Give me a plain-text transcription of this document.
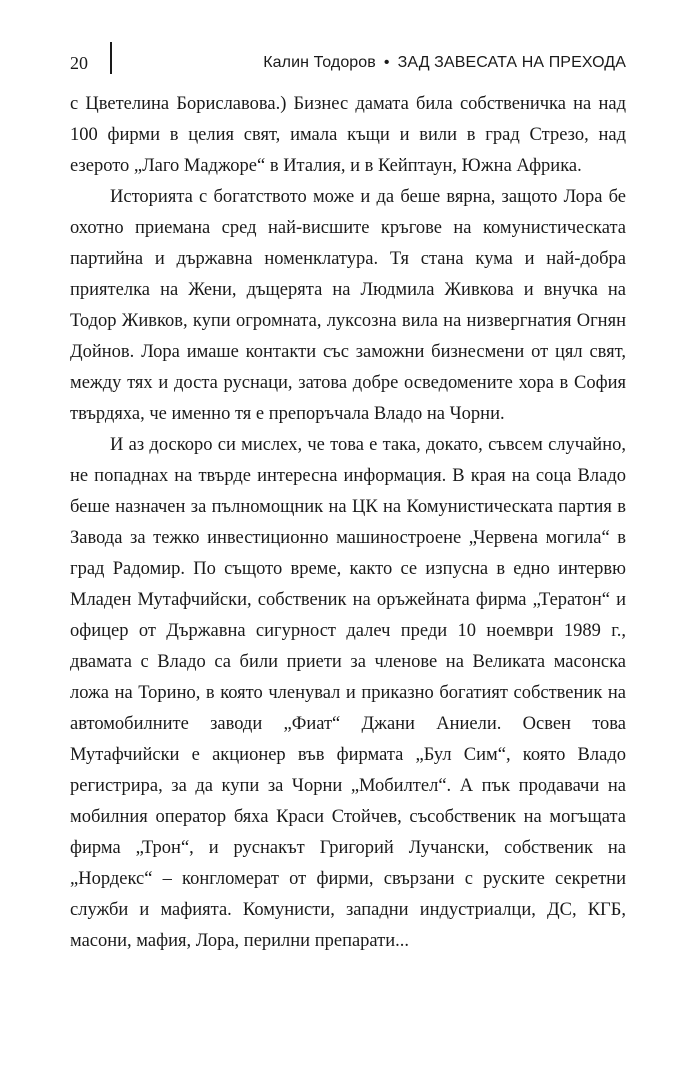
20	Калин Тодоров • ЗАД ЗАВЕСАТА НА ПРЕХОДА

с Цветелина Бориславова.) Бизнес дамата била собственичка на над 100 фирми в целия свят, имала къщи и вили в град Стрезо, над езерото „Лаго Маджоре“ в Италия, и в Кейптаун, Южна Африка.

Историята с богатството може и да беше вярна, защото Лора бе охотно приемана сред най-висшите кръгове на комунистическата партийна и държавна номенклатура. Тя стана кума и най-добра приятелка на Жени, дъщерята на Людмила Живкова и внучка на Тодор Живков, купи огромната, луксозна вила на низвергнатия Огнян Дойнов. Лора имаше контакти със заможни бизнесмени от цял свят, между тях и доста руснаци, затова добре осведомените хора в София твърдяха, че именно тя е препоръчала Владо на Чорни.

И аз доскоро си мислех, че това е така, докато, съвсем случайно, не попаднах на твърде интересна информация. В края на соца Владо беше назначен за пълномощник на ЦК на Комунистическата партия в Завода за тежко инвестиционно машиностроене „Червена могила“ в град Радомир. По същото време, както се изпусна в едно интервю Младен Мутафчийски, собственик на оръжейната фирма „Тератон“ и офицер от Държавна сигурност далеч преди 10 ноември 1989 г., двамата с Владо са били приети за членове на Великата масонска ложа на Торино, в която членувал и приказно богатият собственик на автомобилните заводи „Фиат“ Джани Аниели. Освен това Мутафчийски е акционер във фирмата „Бул Сим“, която Владо регистрира, за да купи за Чорни „Мобилтел“. А пък продавачи на мобилния оператор бяха Краси Стойчев, съсобственик на могъщата фирма „Трон“, и руснакът Григорий Лучански, собственик на „Нордекс“ – конгломерат от фирми, свързани с руските секретни служби и мафията. Комунисти, западни индустриалци, ДС, КГБ, масони, мафия, Лора, перилни препарати...
